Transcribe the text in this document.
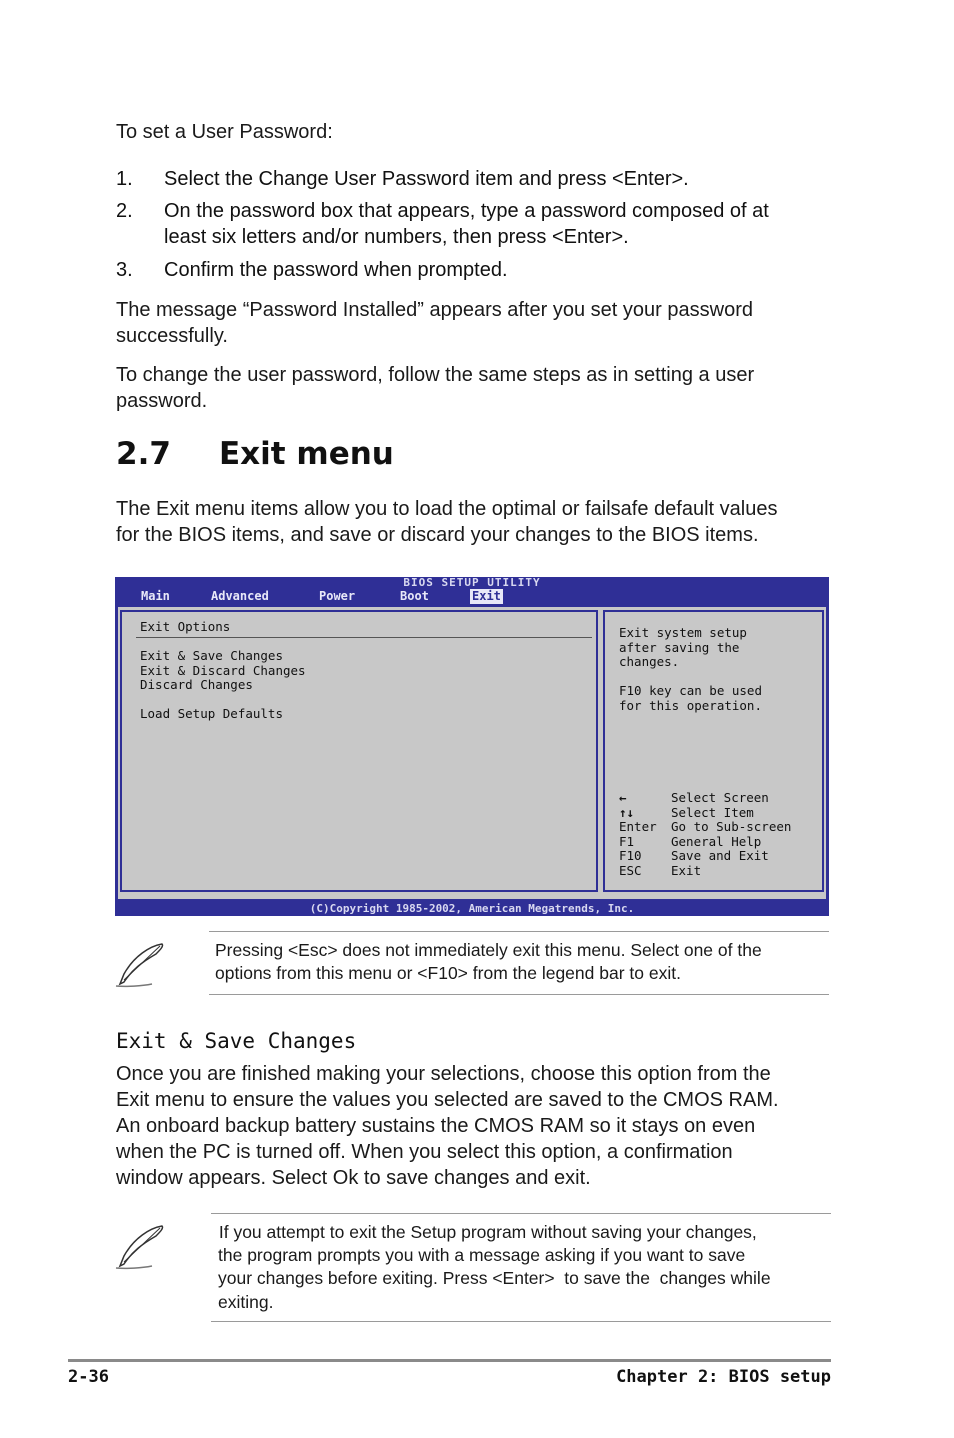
To set a User Password:
1. Select the Change User Password item and press <Enter>.
2. On the password box that appears, type a password composed of at
least six letters and/or numbers, then press <Enter>.
3. Confirm the password when prompted.
The message “Password Installed” appears after you set your password
successfully.
To change the user password, follow the same steps as in setting a user
password.
2.7 Exit menu
The Exit menu items allow you to load the optimal or failsafe default values
for the BIOS items, and save or discard your changes to the BIOS items.
BIOS SETUP UTILITY
Main	Advanced	Power	Boot	Exit
Exit Options
Exit & Save Changes
Exit & Discard Changes
Discard Changes
Load Setup Defaults
Exit system setup
after saving the
changes.
F10 key can be used
for this operation.
←	Select Screen
↑↓	Select Item
Enter Go to Sub-screen
F1	General Help
F10 Save and Exit
ESC Exit
(C)Copyright 1985-2002, American Megatrends, Inc.
Pressing <Esc> does not immediately exit this menu. Select one of the
options from this menu or <F10> from the legend bar to exit.
Exit & Save Changes
Once you are finished making your selections, choose this option from the
Exit menu to ensure the values you selected are saved to the CMOS RAM.
An onboard backup battery sustains the CMOS RAM so it stays on even
when the PC is turned off. When you select this option, a confirmation
window appears. Select Ok to save changes and exit.
If you attempt to exit the Setup program without saving your changes,
the program prompts you with a message asking if you want to save
your changes before exiting. Press <Enter>  to save the  changes while
exiting.
2-36	Chapter 2: BIOS setup
